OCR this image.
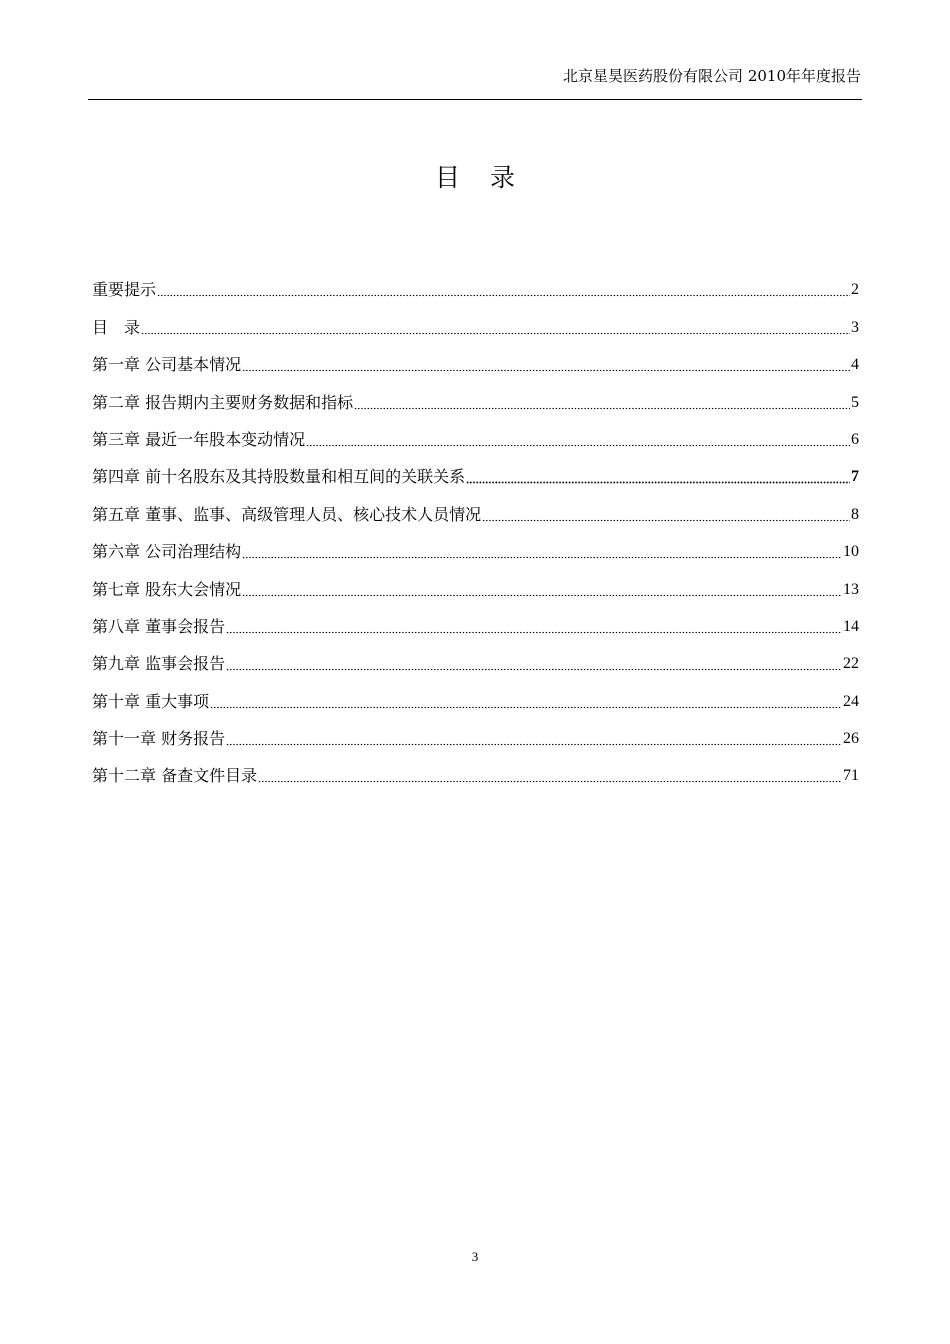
北京星昊医药股份有限公司 2010年年度报告
目录
重要提示	2
目　录	3
第一章 公司基本情况	4
第二章 报告期内主要财务数据和指标	5
第三章 最近一年股本变动情况	6
第四章 前十名股东及其持股数量和相互间的关联关系	7
第五章 董事、监事、高级管理人员、核心技术人员情况	8
第六章 公司治理结构	10
第七章 股东大会情况	13
第八章 董事会报告	14
第九章 监事会报告	22
第十章 重大事项	24
第十一章 财务报告	26
第十二章 备查文件目录	71
3
